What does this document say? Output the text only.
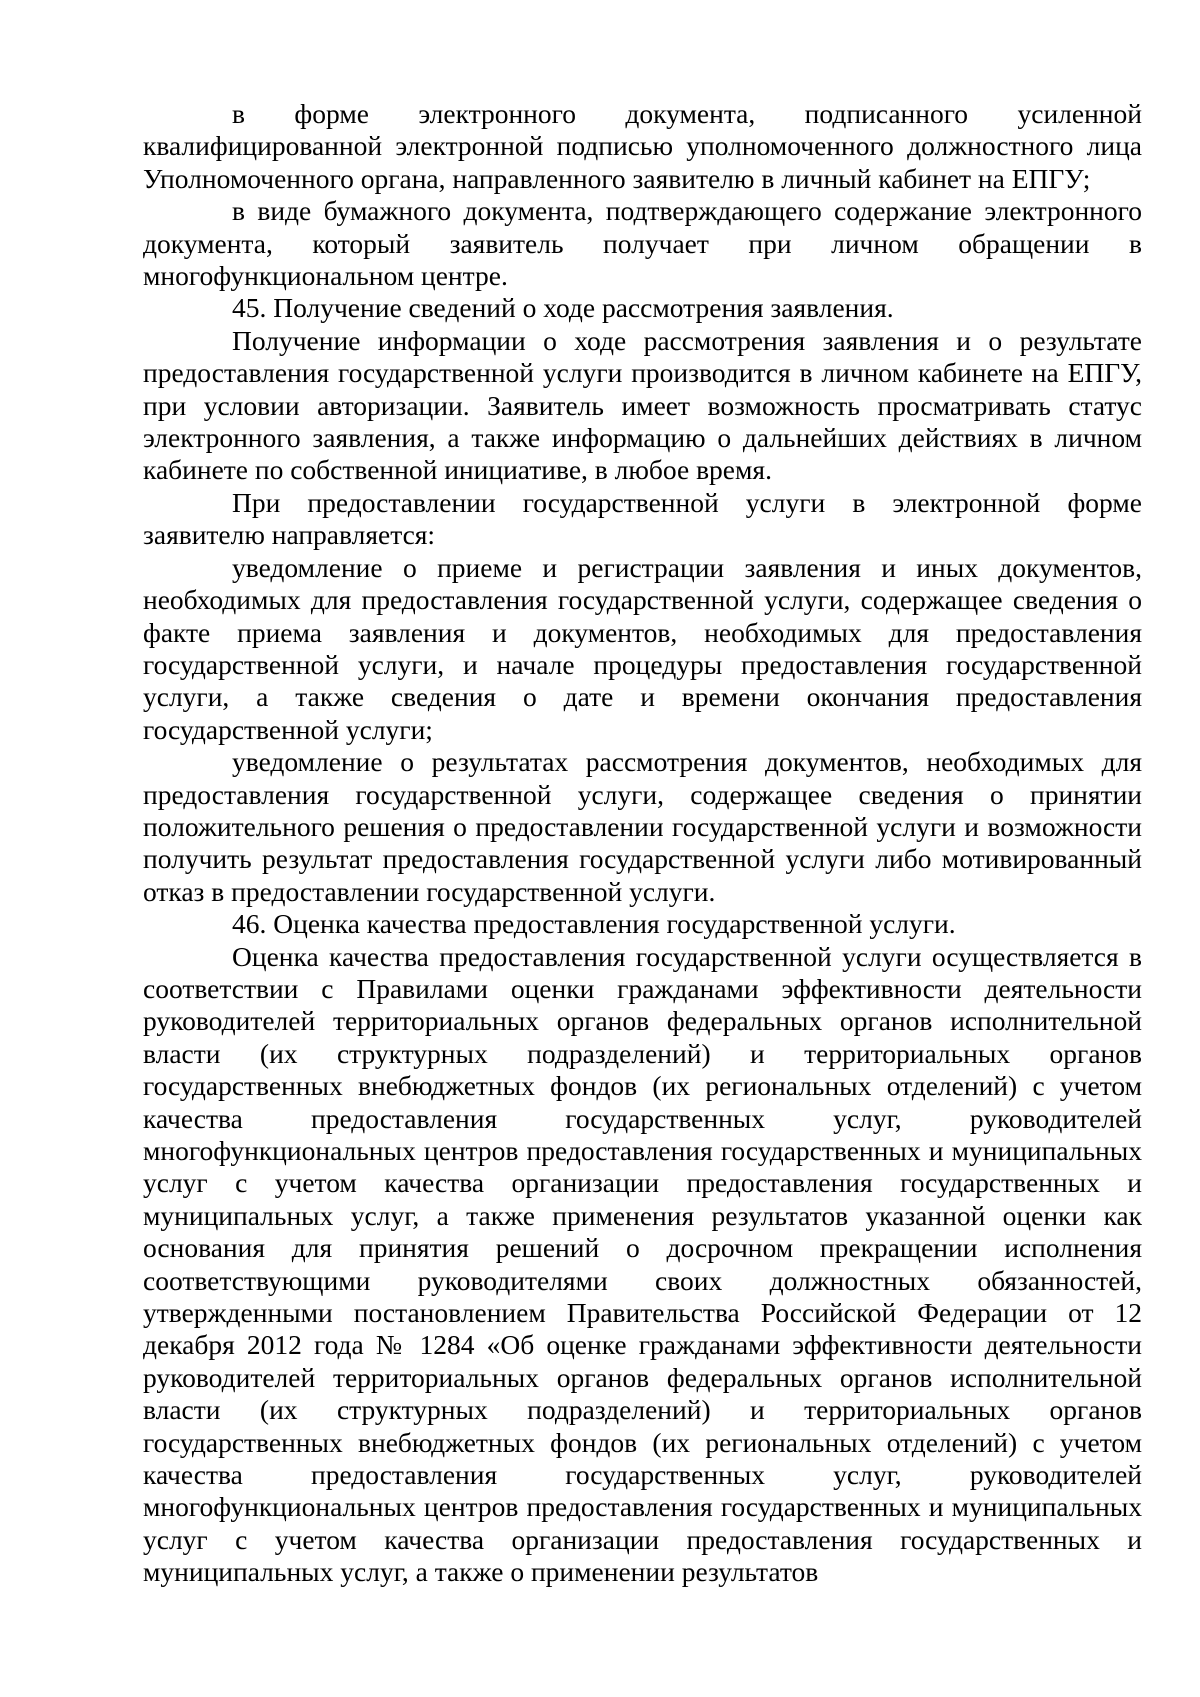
в форме электронного документа, подписанного усиленной квалифицированной электронной подписью уполномоченного должностного лица Уполномоченного органа, направленного заявителю в личный кабинет на ЕПГУ;

в виде бумажного документа, подтверждающего содержание электронного документа, который заявитель получает при личном обращении в многофункциональном центре.

45. Получение сведений о ходе рассмотрения заявления.

Получение информации о ходе рассмотрения заявления и о результате предоставления государственной услуги производится в личном кабинете на ЕПГУ, при условии авторизации. Заявитель имеет возможность просматривать статус электронного заявления, а также информацию о дальнейших действиях в личном кабинете по собственной инициативе, в любое время.

При предоставлении государственной услуги в электронной форме заявителю направляется:

уведомление о приеме и регистрации заявления и иных документов, необходимых для предоставления государственной услуги, содержащее сведения о факте приема заявления и документов, необходимых для предоставления государственной услуги, и начале процедуры предоставления государственной услуги, а также сведения о дате и времени окончания предоставления государственной услуги;

уведомление о результатах рассмотрения документов, необходимых для предоставления государственной услуги, содержащее сведения о принятии положительного решения о предоставлении государственной услуги и возможности получить результат предоставления государственной услуги либо мотивированный отказ в предоставлении государственной услуги.

46. Оценка качества предоставления государственной услуги.

Оценка качества предоставления государственной услуги осуществляется в соответствии с Правилами оценки гражданами эффективности деятельности руководителей территориальных органов федеральных органов исполнительной власти (их структурных подразделений) и территориальных органов государственных внебюджетных фондов (их региональных отделений) с учетом качества предоставления государственных услуг, руководителей многофункциональных центров предоставления государственных и муниципальных услуг с учетом качества организации предоставления государственных и муниципальных услуг, а также применения результатов указанной оценки как основания для принятия решений о досрочном прекращении исполнения соответствующими руководителями своих должностных обязанностей, утвержденными постановлением Правительства Российской Федерации от 12 декабря 2012 года № 1284 «Об оценке гражданами эффективности деятельности руководителей территориальных органов федеральных органов исполнительной власти (их структурных подразделений) и территориальных органов государственных внебюджетных фондов (их региональных отделений) с учетом качества предоставления государственных услуг, руководителей многофункциональных центров предоставления государственных и муниципальных услуг с учетом качества организации предоставления государственных и муниципальных услуг, а также о применении результатов
